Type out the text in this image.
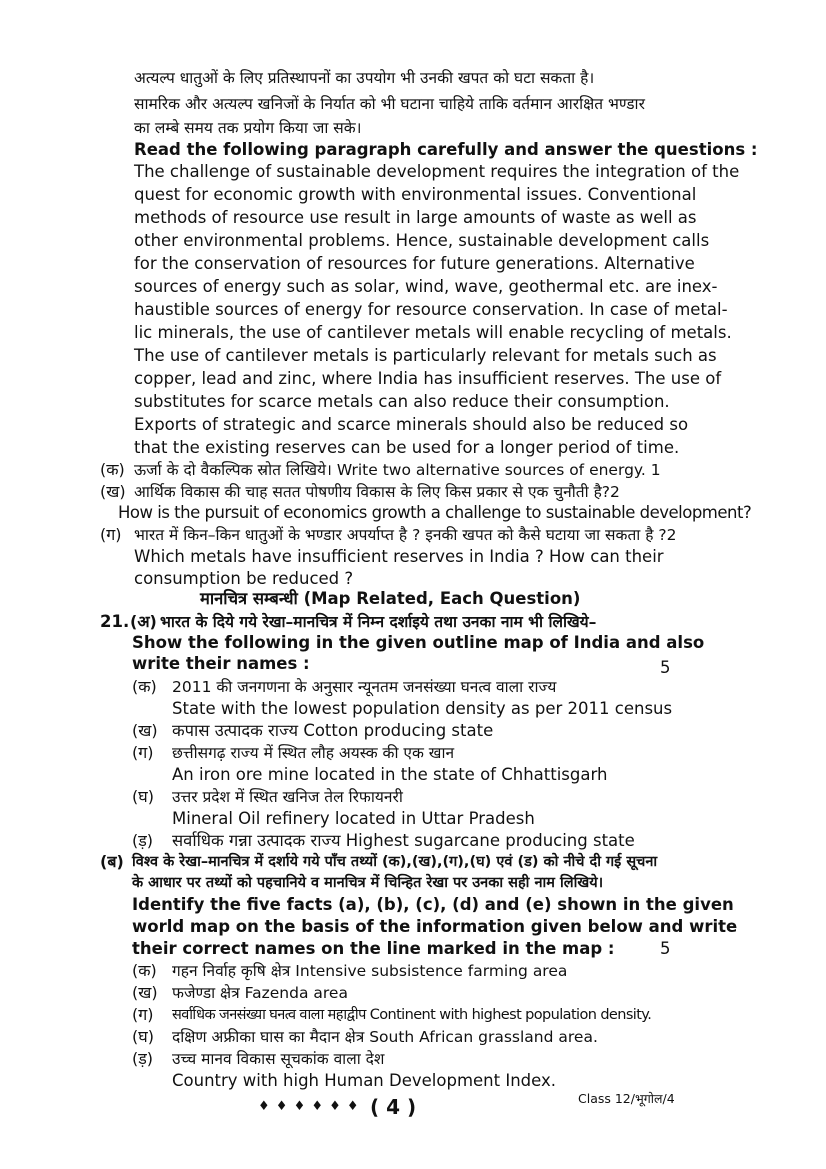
अत्यल्प धातुओं के लिए प्रतिस्थापनों का उपयोग भी उनकी खपत को घटा सकता है।
सामरिक और अत्यल्प खनिजों के निर्यात को भी घटाना चाहिये ताकि वर्तमान आरक्षित भण्डार
का लम्बे समय तक प्रयोग किया जा सके।
Read the following paragraph carefully and answer the questions :
The challenge of sustainable development requires the integration of the
quest for economic growth with environmental issues. Conventional
methods of resource use result in large amounts of waste as well as
other environmental problems. Hence, sustainable development calls
for the conservation of resources for future generations. Alternative
sources of energy such as solar, wind, wave, geothermal etc. are inex-
haustible sources of energy for resource conservation. In case of metal-
lic minerals, the use of cantilever metals will enable recycling of metals.
The use of cantilever metals is particularly relevant for metals such as
copper, lead and zinc, where India has insufficient reserves. The use of
substitutes for scarce metals can also reduce their consumption.
Exports of strategic and scarce minerals should also be reduced so
that the existing reserves can be used for a longer period of time.
(क) ऊर्जा के दो वैकल्पिक स्रोत लिखिये। Write two alternative sources of energy. 1
(ख) आर्थिक विकास की चाह सतत पोषणीय विकास के लिए किस प्रकार से एक चुनौती है?2
How is the pursuit of economics growth a challenge to sustainable development?
(ग) भारत में किन–किन धातुओं के भण्डार अपर्याप्त है ? इनकी खपत को कैसे घटाया जा सकता है ?2
Which metals have insufficient reserves in India ? How can their
consumption be reduced ?
मानचित्र सम्बन्धी (Map Related, Each Question)
21. (अ) भारत के दिये गये रेखा–मानचित्र में निम्न दर्शाइये तथा उनका नाम भी लिखिये–
Show the following in the given outline map of India and also
write their names :	5
(क) 2011 की जनगणना के अनुसार न्यूनतम जनसंख्या घनत्व वाला राज्य
State with the lowest population density as per 2011 census
(ख) कपास उत्पादक राज्य Cotton producing state
(ग) छत्तीसगढ़ राज्य में स्थित लौह अयस्क की एक खान
An iron ore mine located in the state of Chhattisgarh
(घ) उत्तर प्रदेश में स्थित खनिज तेल रिफायनरी
Mineral Oil refinery located in Uttar Pradesh
(ड़) सर्वाधिक गन्ना उत्पादक राज्य Highest sugarcane producing state
(ब) विश्व के रेखा–मानचित्र में दर्शाये गये पाँच तथ्यों (क),(ख),(ग),(घ) एवं (ड) को नीचे दी गई सूचना
के आधार पर तथ्यों को पहचानिये व मानचित्र में चिन्हित रेखा पर उनका सही नाम लिखिये।
Identify the five facts (a), (b), (c), (d) and (e) shown in the given
world map on the basis of the information given below and write
their correct names on the line marked in the map :	5
(क) गहन निर्वाह कृषि क्षेत्र Intensive subsistence farming area
(ख) फजेण्डा क्षेत्र Fazenda area
(ग) सर्वाधिक जनसंख्या घनत्व वाला महाद्वीप Continent with highest population density.
(घ) दक्षिण अफ्रीका घास का मैदान क्षेत्र South African grassland area.
(ड़) उच्च मानव विकास सूचकांक वाला देश
Country with high Human Development Index.
♦ ♦ ♦ ♦ ♦ ♦ ( 4 )	Class 12/भूगोल/4
